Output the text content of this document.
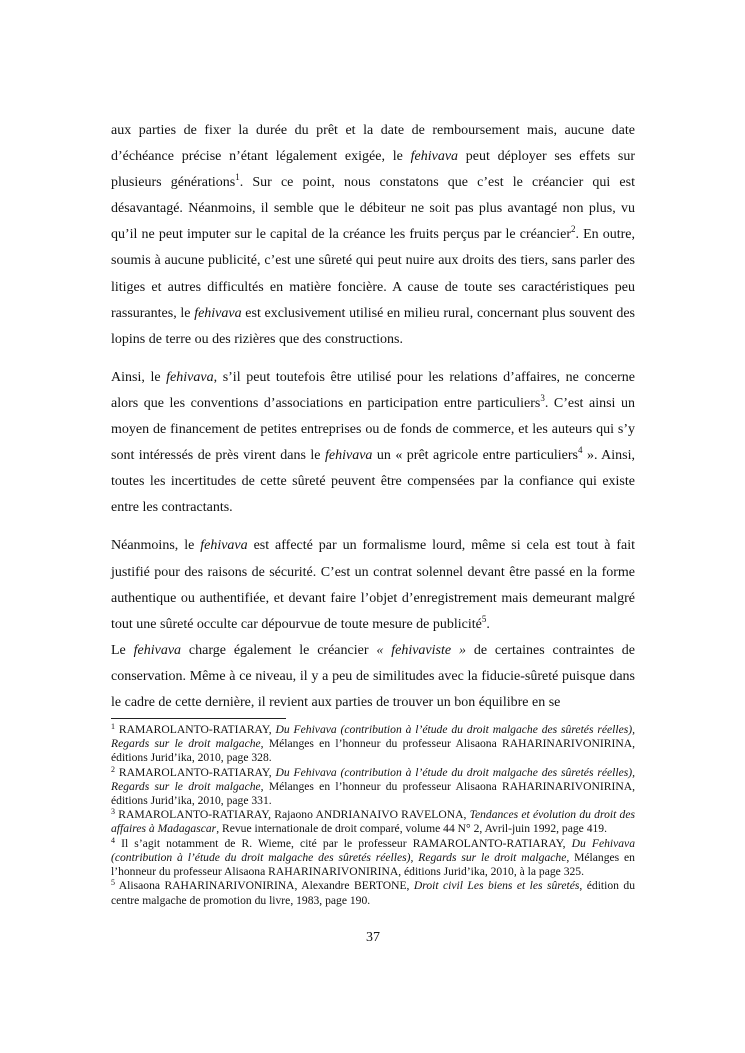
aux parties de fixer la durée du prêt et la date de remboursement mais, aucune date d’échéance précise n’étant légalement exigée, le fehivava peut déployer ses effets sur plusieurs générations$^1$. Sur ce point, nous constatons que c’est le créancier qui est désavantagé. Néanmoins, il semble que le débiteur ne soit pas plus avantagé non plus, vu qu’il ne peut imputer sur le capital de la créance les fruits perçus par le créancier$^2$. En outre, soumis à aucune publicité, c’est une sûreté qui peut nuire aux droits des tiers, sans parler des litiges et autres difficultés en matière foncière. A cause de toute ses caractéristiques peu rassurantes, le fehivava est exclusivement utilisé en milieu rural, concernant plus souvent des lopins de terre ou des rizières que des constructions.

Ainsi, le fehivava, s’il peut toutefois être utilisé pour les relations d’affaires, ne concerne alors que les conventions d’associations en participation entre particuliers$^3$. C’est ainsi un moyen de financement de petites entreprises ou de fonds de commerce, et les auteurs qui s’y sont intéressés de près virent dans le fehivava un « prêt agricole entre particuliers$^4$ ». Ainsi, toutes les incertitudes de cette sûreté peuvent être compensées par la confiance qui existe entre les contractants.

Néanmoins, le fehivava est affecté par un formalisme lourd, même si cela est tout à fait justifié pour des raisons de sécurité. C’est un contrat solennel devant être passé en la forme authentique ou authentifiée, et devant faire l’objet d’enregistrement mais demeurant malgré tout une sûreté occulte car dépourvue de toute mesure de publicité$^5$.

Le fehivava charge également le créancier « fehivaviste » de certaines contraintes de conservation. Même à ce niveau, il y a peu de similitudes avec la fiducie-sûreté puisque dans le cadre de cette dernière, il revient aux parties de trouver un bon équilibre en se

$^1$ RAMAROLANTO-RATIARAY, Du Fehivava (contribution à l’étude du droit malgache des sûretés réelles), Regards sur le droit malgache, Mélanges en l’honneur du professeur Alisaona RAHARINARIVONIRINA, éditions Jurid’ika, 2010, page 328.

$^2$ RAMAROLANTO-RATIARAY, Du Fehivava (contribution à l’étude du droit malgache des sûretés réelles), Regards sur le droit malgache, Mélanges en l’honneur du professeur Alisaona RAHARINARIVONIRINA, éditions Jurid’ika, 2010, page 331.

$^3$ RAMAROLANTO-RATIARAY, Rajaono ANDRIANAIVO RAVELONA, Tendances et évolution du droit des affaires à Madagascar, Revue internationale de droit comparé, volume 44 N° 2, Avril-juin 1992, page 419.

$^4$ Il s’agit notamment de R. Wieme, cité par le professeur RAMAROLANTO-RATIARAY, Du Fehivava (contribution à l’étude du droit malgache des sûretés réelles), Regards sur le droit malgache, Mélanges en l’honneur du professeur Alisaona RAHARINARIVONIRINA, éditions Jurid’ika, 2010, à la page 325.

$^5$ Alisaona RAHARINARIVONIRINA, Alexandre BERTONE, Droit civil Les biens et les sûretés, édition du centre malgache de promotion du livre, 1983, page 190.

37
